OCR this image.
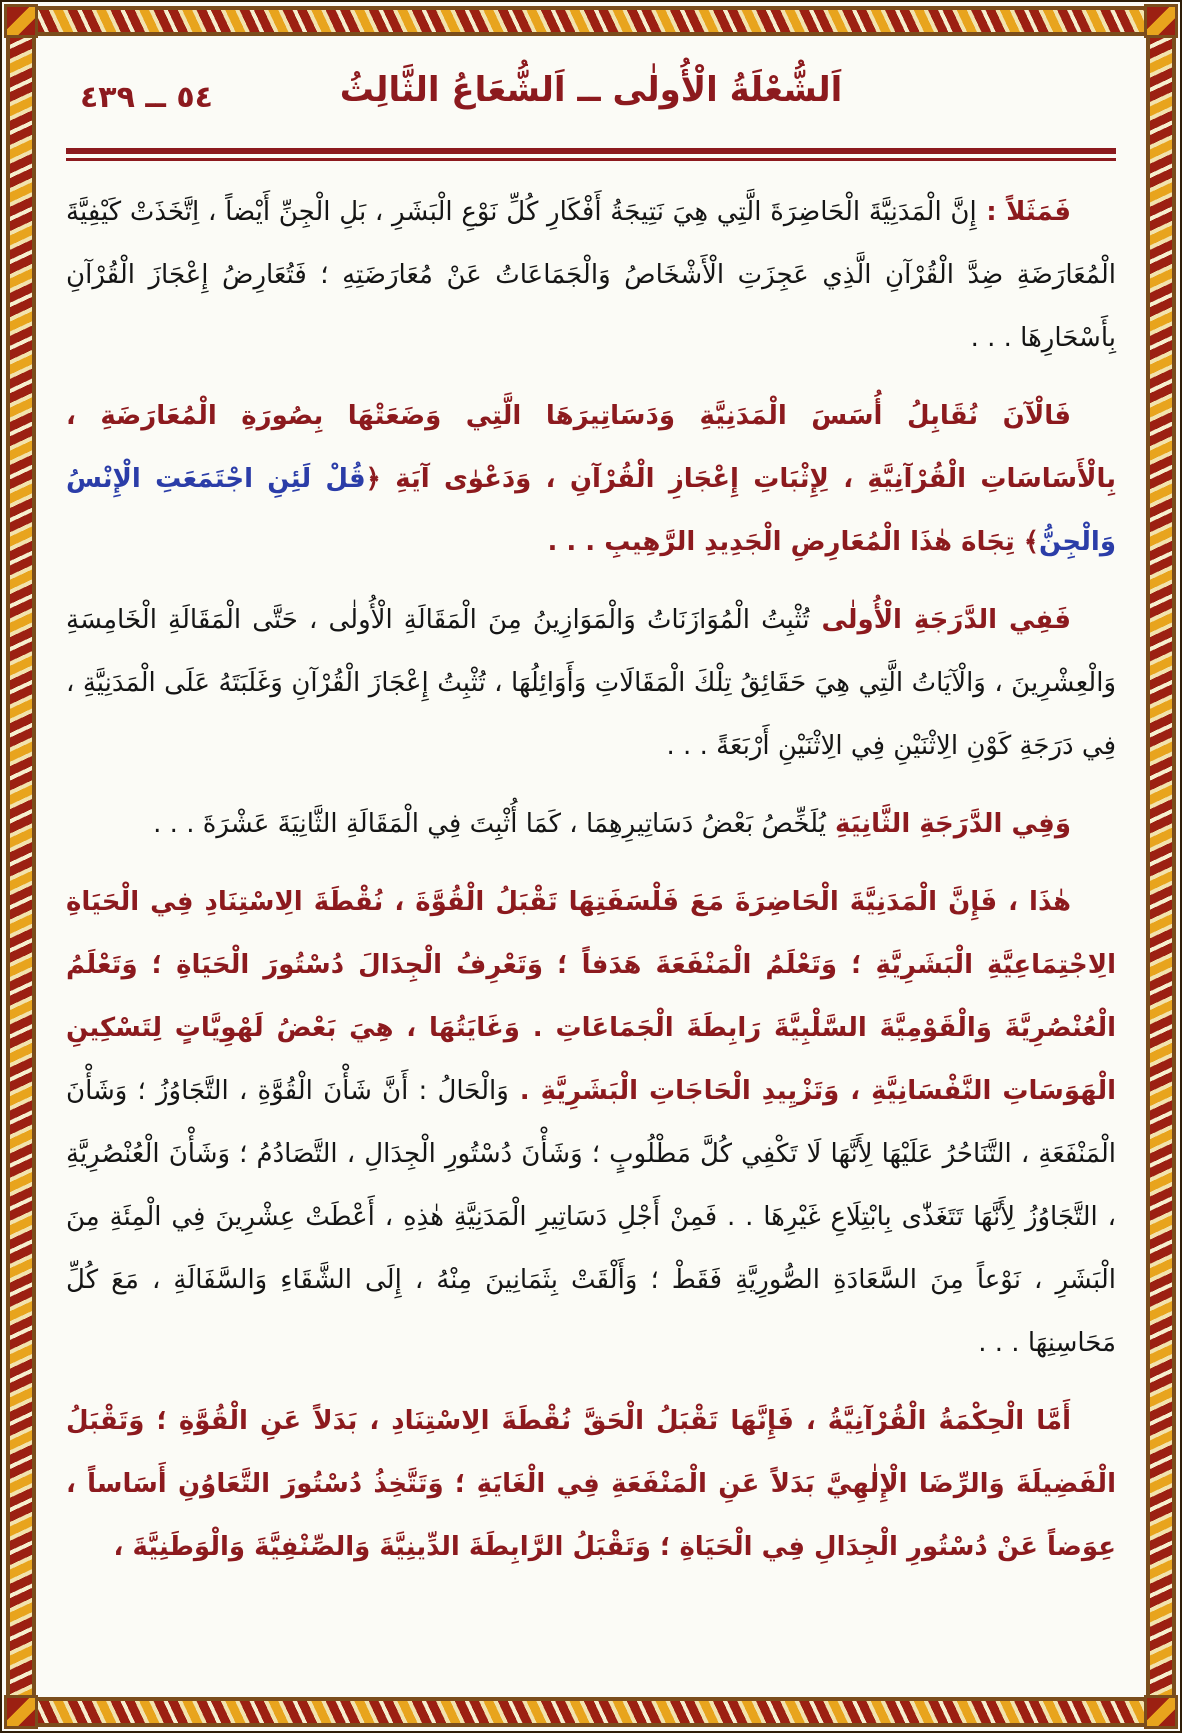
٥٤ ــ ٤٣٩	اَلشُّعْلَةُ الْأُولٰى ــ اَلشُّعَاعُ الثَّالِثُ

فَمَثَلاً : إِنَّ الْمَدَنِيَّةَ الْحَاضِرَةَ الَّتِي هِيَ نَتِيجَةُ أَفْكَارِ كُلِّ نَوْعِ الْبَشَرِ ، بَلِ الْجِنِّ أَيْضاً ، اِتَّخَذَتْ كَيْفِيَّةَ الْمُعَارَضَةِ ضِدَّ الْقُرْآنِ الَّذِي عَجِزَتِ الْأَشْخَاصُ وَالْجَمَاعَاتُ عَنْ مُعَارَضَتِهِ ؛ فَتُعَارِضُ إِعْجَازَ الْقُرْآنِ بِأَسْحَارِهَا . . .

فَالْآنَ نُقَابِلُ أُسَسَ الْمَدَنِيَّةِ وَدَسَاتِيرَهَا الَّتِي وَضَعَتْهَا بِصُورَةِ الْمُعَارَضَةِ ، بِالْأَسَاسَاتِ الْقُرْآنِيَّةِ ، لِإِثْبَاتِ إِعْجَازِ الْقُرْآنِ ، وَدَعْوٰى آيَةِ ﴿قُلْ لَئِنِ اجْتَمَعَتِ الْإِنْسُ وَالْجِنُّ﴾ تِجَاهَ هٰذَا الْمُعَارِضِ الْجَدِيدِ الرَّهِيبِ . . .

فَفِي الدَّرَجَةِ الْأُولٰى تُثْبِتُ الْمُوَازَنَاتُ وَالْمَوَازِينُ مِنَ الْمَقَالَةِ الْأُولٰى ، حَتَّى الْمَقَالَةِ الْخَامِسَةِ وَالْعِشْرِينَ ، وَالْآيَاتُ الَّتِي هِيَ حَقَائِقُ تِلْكَ الْمَقَالَاتِ وَأَوَائِلُهَا ، تُثْبِتُ إِعْجَازَ الْقُرْآنِ وَغَلَبَتَهُ عَلَى الْمَدَنِيَّةِ ، فِي دَرَجَةِ كَوْنِ الِاثْنَيْنِ فِي الِاثْنَيْنِ أَرْبَعَةً . . .

وَفِي الدَّرَجَةِ الثَّانِيَةِ يُلَخِّصُ بَعْضُ دَسَاتِيرِهِمَا ، كَمَا أُثْبِتَ فِي الْمَقَالَةِ الثَّانِيَةَ عَشْرَةَ . . .

هٰذَا ، فَإِنَّ الْمَدَنِيَّةَ الْحَاضِرَةَ مَعَ فَلْسَفَتِهَا تَقْبَلُ الْقُوَّةَ ، نُقْطَةَ الِاسْتِنَادِ فِي الْحَيَاةِ الِاجْتِمَاعِيَّةِ الْبَشَرِيَّةِ ؛ وَتَعْلَمُ الْمَنْفَعَةَ هَدَفاً ؛ وَتَعْرِفُ الْجِدَالَ دُسْتُورَ الْحَيَاةِ ؛ وَتَعْلَمُ الْعُنْصُرِيَّةَ وَالْقَوْمِيَّةَ السَّلْبِيَّةَ رَابِطَةَ الْجَمَاعَاتِ . وَغَايَتُهَا ، هِيَ بَعْضُ لَهْوِيَّاتٍ لِتَسْكِينِ الْهَوَسَاتِ النَّفْسَانِيَّةِ ، وَتَزْيِيدِ الْحَاجَاتِ الْبَشَرِيَّةِ . وَالْحَالُ : أَنَّ شَأْنَ الْقُوَّةِ ، التَّجَاوُزُ ؛ وَشَأْنَ الْمَنْفَعَةِ ، التَّنَاحُرُ عَلَيْهَا لِأَنَّهَا لَا تَكْفِي كُلَّ مَطْلُوبٍ ؛ وَشَأْنَ دُسْتُورِ الْجِدَالِ ، التَّصَادُمُ ؛ وَشَأْنَ الْعُنْصُرِيَّةِ ، التَّجَاوُزُ لِأَنَّهَا تَتَغَذّٰى بِابْتِلَاعِ غَيْرِهَا . . فَمِنْ أَجْلِ دَسَاتِيرِ الْمَدَنِيَّةِ هٰذِهِ ، أَعْطَتْ عِشْرِينَ فِي الْمِئَةِ مِنَ الْبَشَرِ ، نَوْعاً مِنَ السَّعَادَةِ الصُّورِيَّةِ فَقَطْ ؛ وَأَلْقَتْ بِثَمَانِينَ مِنْهُ ، إِلَى الشَّقَاءِ وَالسَّفَالَةِ ، مَعَ كُلِّ مَحَاسِنِهَا . . .

أَمَّا الْحِكْمَةُ الْقُرْآنِيَّةُ ، فَإِنَّهَا تَقْبَلُ الْحَقَّ نُقْطَةَ الِاسْتِنَادِ ، بَدَلاً عَنِ الْقُوَّةِ ؛ وَتَقْبَلُ الْفَضِيلَةَ وَالرِّضَا الْإِلٰهِيَّ بَدَلاً عَنِ الْمَنْفَعَةِ فِي الْغَايَةِ ؛ وَتَتَّخِذُ دُسْتُورَ التَّعَاوُنِ أَسَاساً ، عِوَضاً عَنْ دُسْتُورِ الْجِدَالِ فِي الْحَيَاةِ ؛ وَتَقْبَلُ الرَّابِطَةَ الدِّينِيَّةَ وَالصِّنْفِيَّةَ وَالْوَطَنِيَّةَ ،
